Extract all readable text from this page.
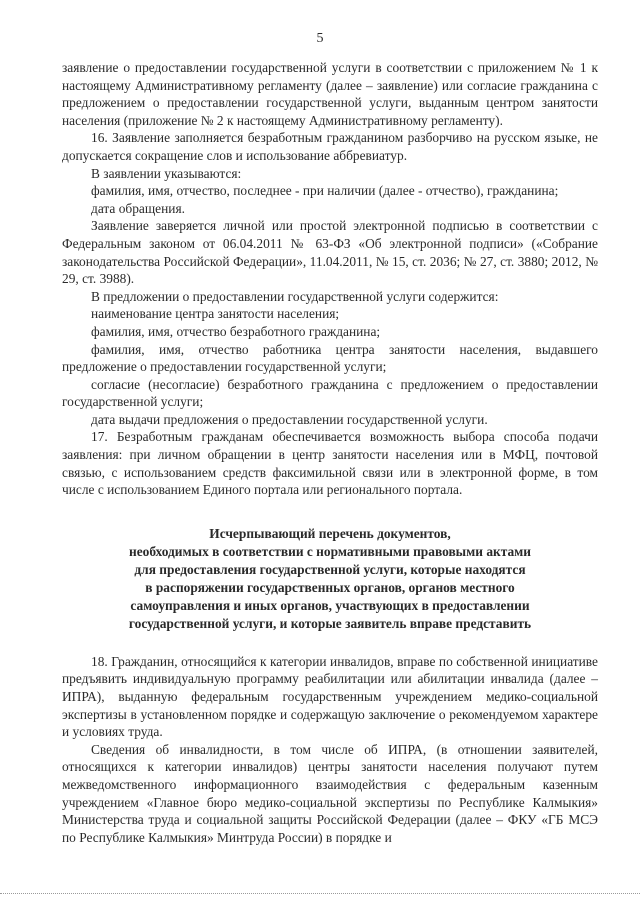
5

заявление о предоставлении государственной услуги в соответствии с приложением № 1 к настоящему Административному регламенту (далее – заявление) или согласие гражданина с предложением о предоставлении государственной услуги, выданным центром занятости населения (приложение № 2 к настоящему Административному регламенту).

16. Заявление заполняется безработным гражданином разборчиво на русском языке, не допускается сокращение слов и использование аббревиатур.

В заявлении указываются:

фамилия, имя, отчество, последнее - при наличии (далее - отчество), гражданина;

дата обращения.

Заявление заверяется личной или простой электронной подписью в соответствии с Федеральным законом от 06.04.2011 № 63-ФЗ «Об электронной подписи» («Собрание законодательства Российской Федерации», 11.04.2011, № 15, ст. 2036; № 27, ст. 3880; 2012, № 29, ст. 3988).

В предложении о предоставлении государственной услуги содержится:

наименование центра занятости населения;

фамилия, имя, отчество безработного гражданина;

фамилия, имя, отчество работника центра занятости населения, выдавшего предложение о предоставлении государственной услуги;

согласие (несогласие) безработного гражданина с предложением о предоставлении государственной услуги;

дата выдачи предложения о предоставлении государственной услуги.

17. Безработным гражданам обеспечивается возможность выбора способа подачи заявления: при личном обращении в центр занятости населения или в МФЦ, почтовой связью, с использованием средств факсимильной связи или в электронной форме, в том числе с использованием Единого портала или регионального портала.

Исчерпывающий перечень документов,
необходимых в соответствии с нормативными правовыми актами
для предоставления государственной услуги, которые находятся
в распоряжении государственных органов, органов местного
самоуправления и иных органов, участвующих в предоставлении
государственной услуги, и которые заявитель вправе представить

18. Гражданин, относящийся к категории инвалидов, вправе по собственной инициативе предъявить индивидуальную программу реабилитации или абилитации инвалида (далее – ИПРА), выданную федеральным государственным учреждением медико-социальной экспертизы в установленном порядке и содержащую заключение о рекомендуемом характере и условиях труда.

Сведения об инвалидности, в том числе об ИПРА, (в отношении заявителей, относящихся к категории инвалидов) центры занятости населения получают путем межведомственного информационного взаимодействия с федеральным казенным учреждением «Главное бюро медико-социальной экспертизы по Республике Калмыкия» Министерства труда и социальной защиты Российской Федерации (далее – ФКУ «ГБ МСЭ по Республике Калмыкия» Минтруда России) в порядке и
